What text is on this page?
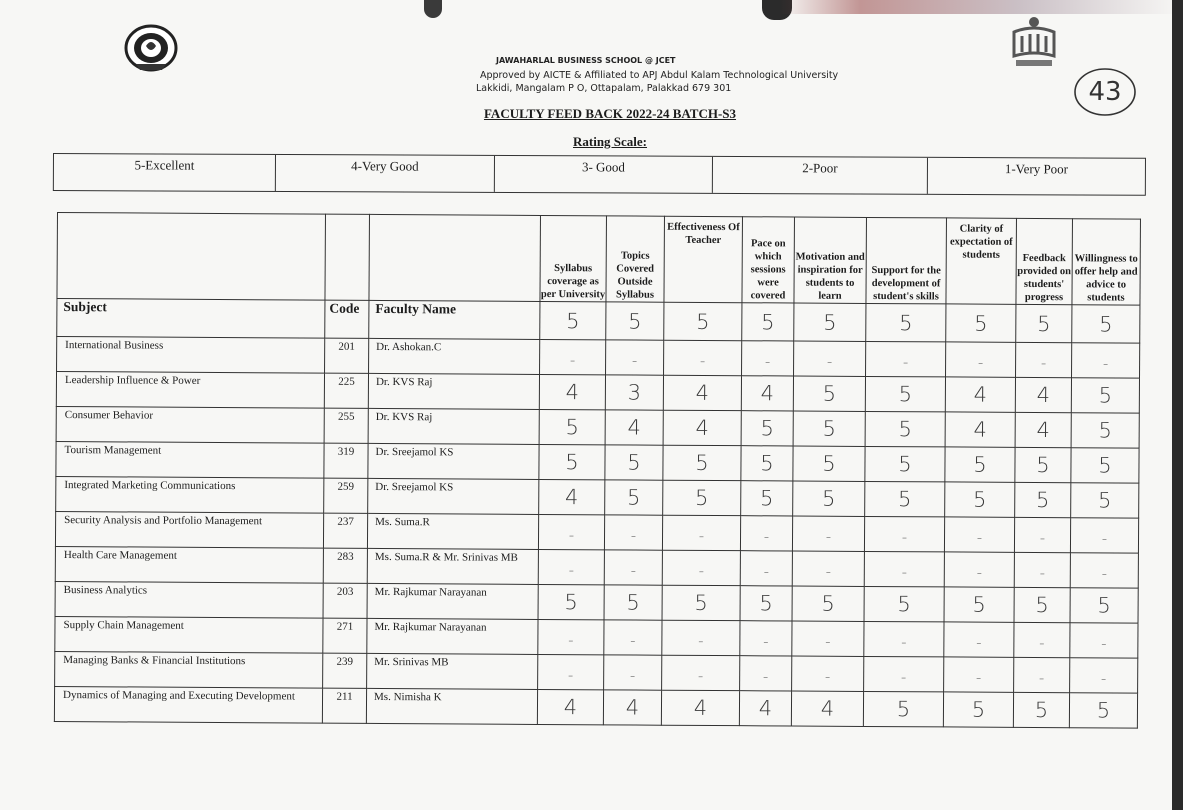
43
JAWAHARLAL BUSINESS SCHOOL @ JCET
Approved by AICTE & Affiliated to APJ Abdul Kalam Technological University
Lakkidi, Mangalam P O, Ottapalam, Palakkad 679 301
FACULTY FEED BACK 2022-24 BATCH-S3
Rating Scale:
5-Excellent	4-Very Good	3- Good	2-Poor	1-Very Poor
			Syllabus coverage as per University	Topics Covered Outside Syllabus	Effectiveness Of Teacher	Pace on which sessions were covered	Motivation and inspiration for students to learn	Support for the development of student's skills	Clarity of expectation of students	Feedback provided on students' progress	Willingness to offer help and advice to students
Subject	Code	Faculty Name	5	5	5	5	5	5	5	5	5
International Business	201	Dr. Ashokan.C	-	-	-	-	-	-	-	-	-
Leadership Influence & Power	225	Dr. KVS Raj	4	3	4	4	5	5	4	4	5
Consumer Behavior	255	Dr. KVS Raj	5	4	4	5	5	5	4	4	5
Tourism Management	319	Dr. Sreejamol KS	5	5	5	5	5	5	5	5	5
Integrated Marketing Communications	259	Dr. Sreejamol KS	4	5	5	5	5	5	5	5	5
Security Analysis and Portfolio Management	237	Ms. Suma.R	-	-	-	-	-	-	-	-	-
Health Care Management	283	Ms. Suma.R & Mr. Srinivas MB	-	-	-	-	-	-	-	-	-
Business Analytics	203	Mr. Rajkumar Narayanan	5	5	5	5	5	5	5	5	5
Supply Chain Management	271	Mr. Rajkumar Narayanan	-	-	-	-	-	-	-	-	-
Managing Banks & Financial Institutions	239	Mr. Srinivas MB	-	-	-	-	-	-	-	-	-
Dynamics of Managing and Executing Development	211	Ms. Nimisha K	4	4	4	4	4	5	5	5	5
